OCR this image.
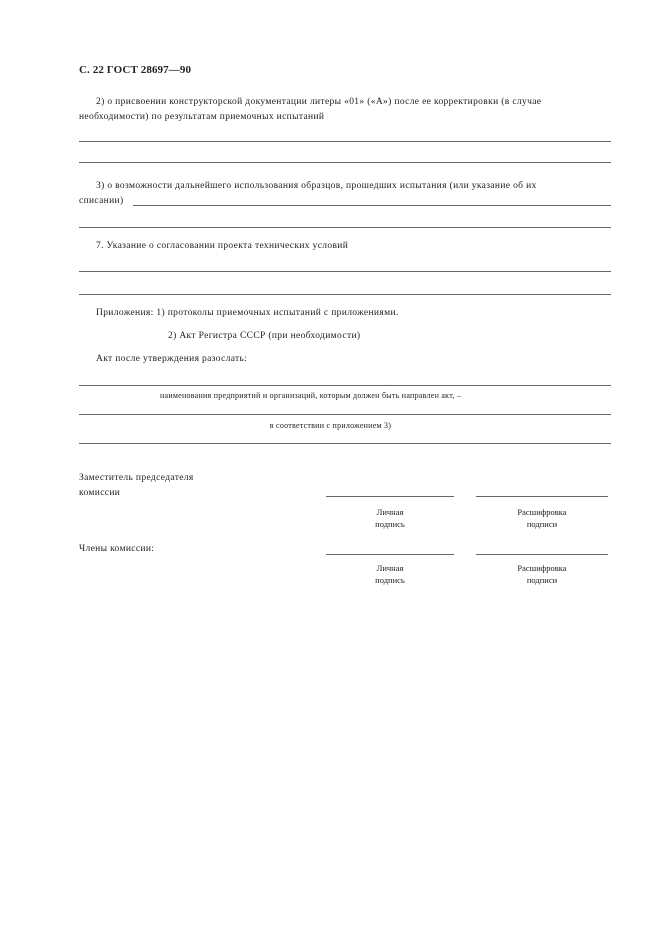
С. 22 ГОСТ 28697—90
2) о присвоении конструкторской документации литеры «01» («А») после ее корректировки (в случае
необходимости) по результатам приемочных испытаний
3) о возможности дальнейшего использования образцов, прошедших испытания (или указание об их
списании)
7. Указание о согласовании проекта технических условий
Приложения: 1) протоколы приемочных испытаний с приложениями.
2) Акт Регистра СССР (при необходимости)
Акт после утверждения разослать:
наименования предприятий и организаций, которым должен быть направлен акт, –
в соответствии с приложением 3)
Заместитель председателя
комиссии
Личная
подпись
Расшифровка
подписи
Члены комиссии:
Личная
подпись
Расшифровка
подписи
